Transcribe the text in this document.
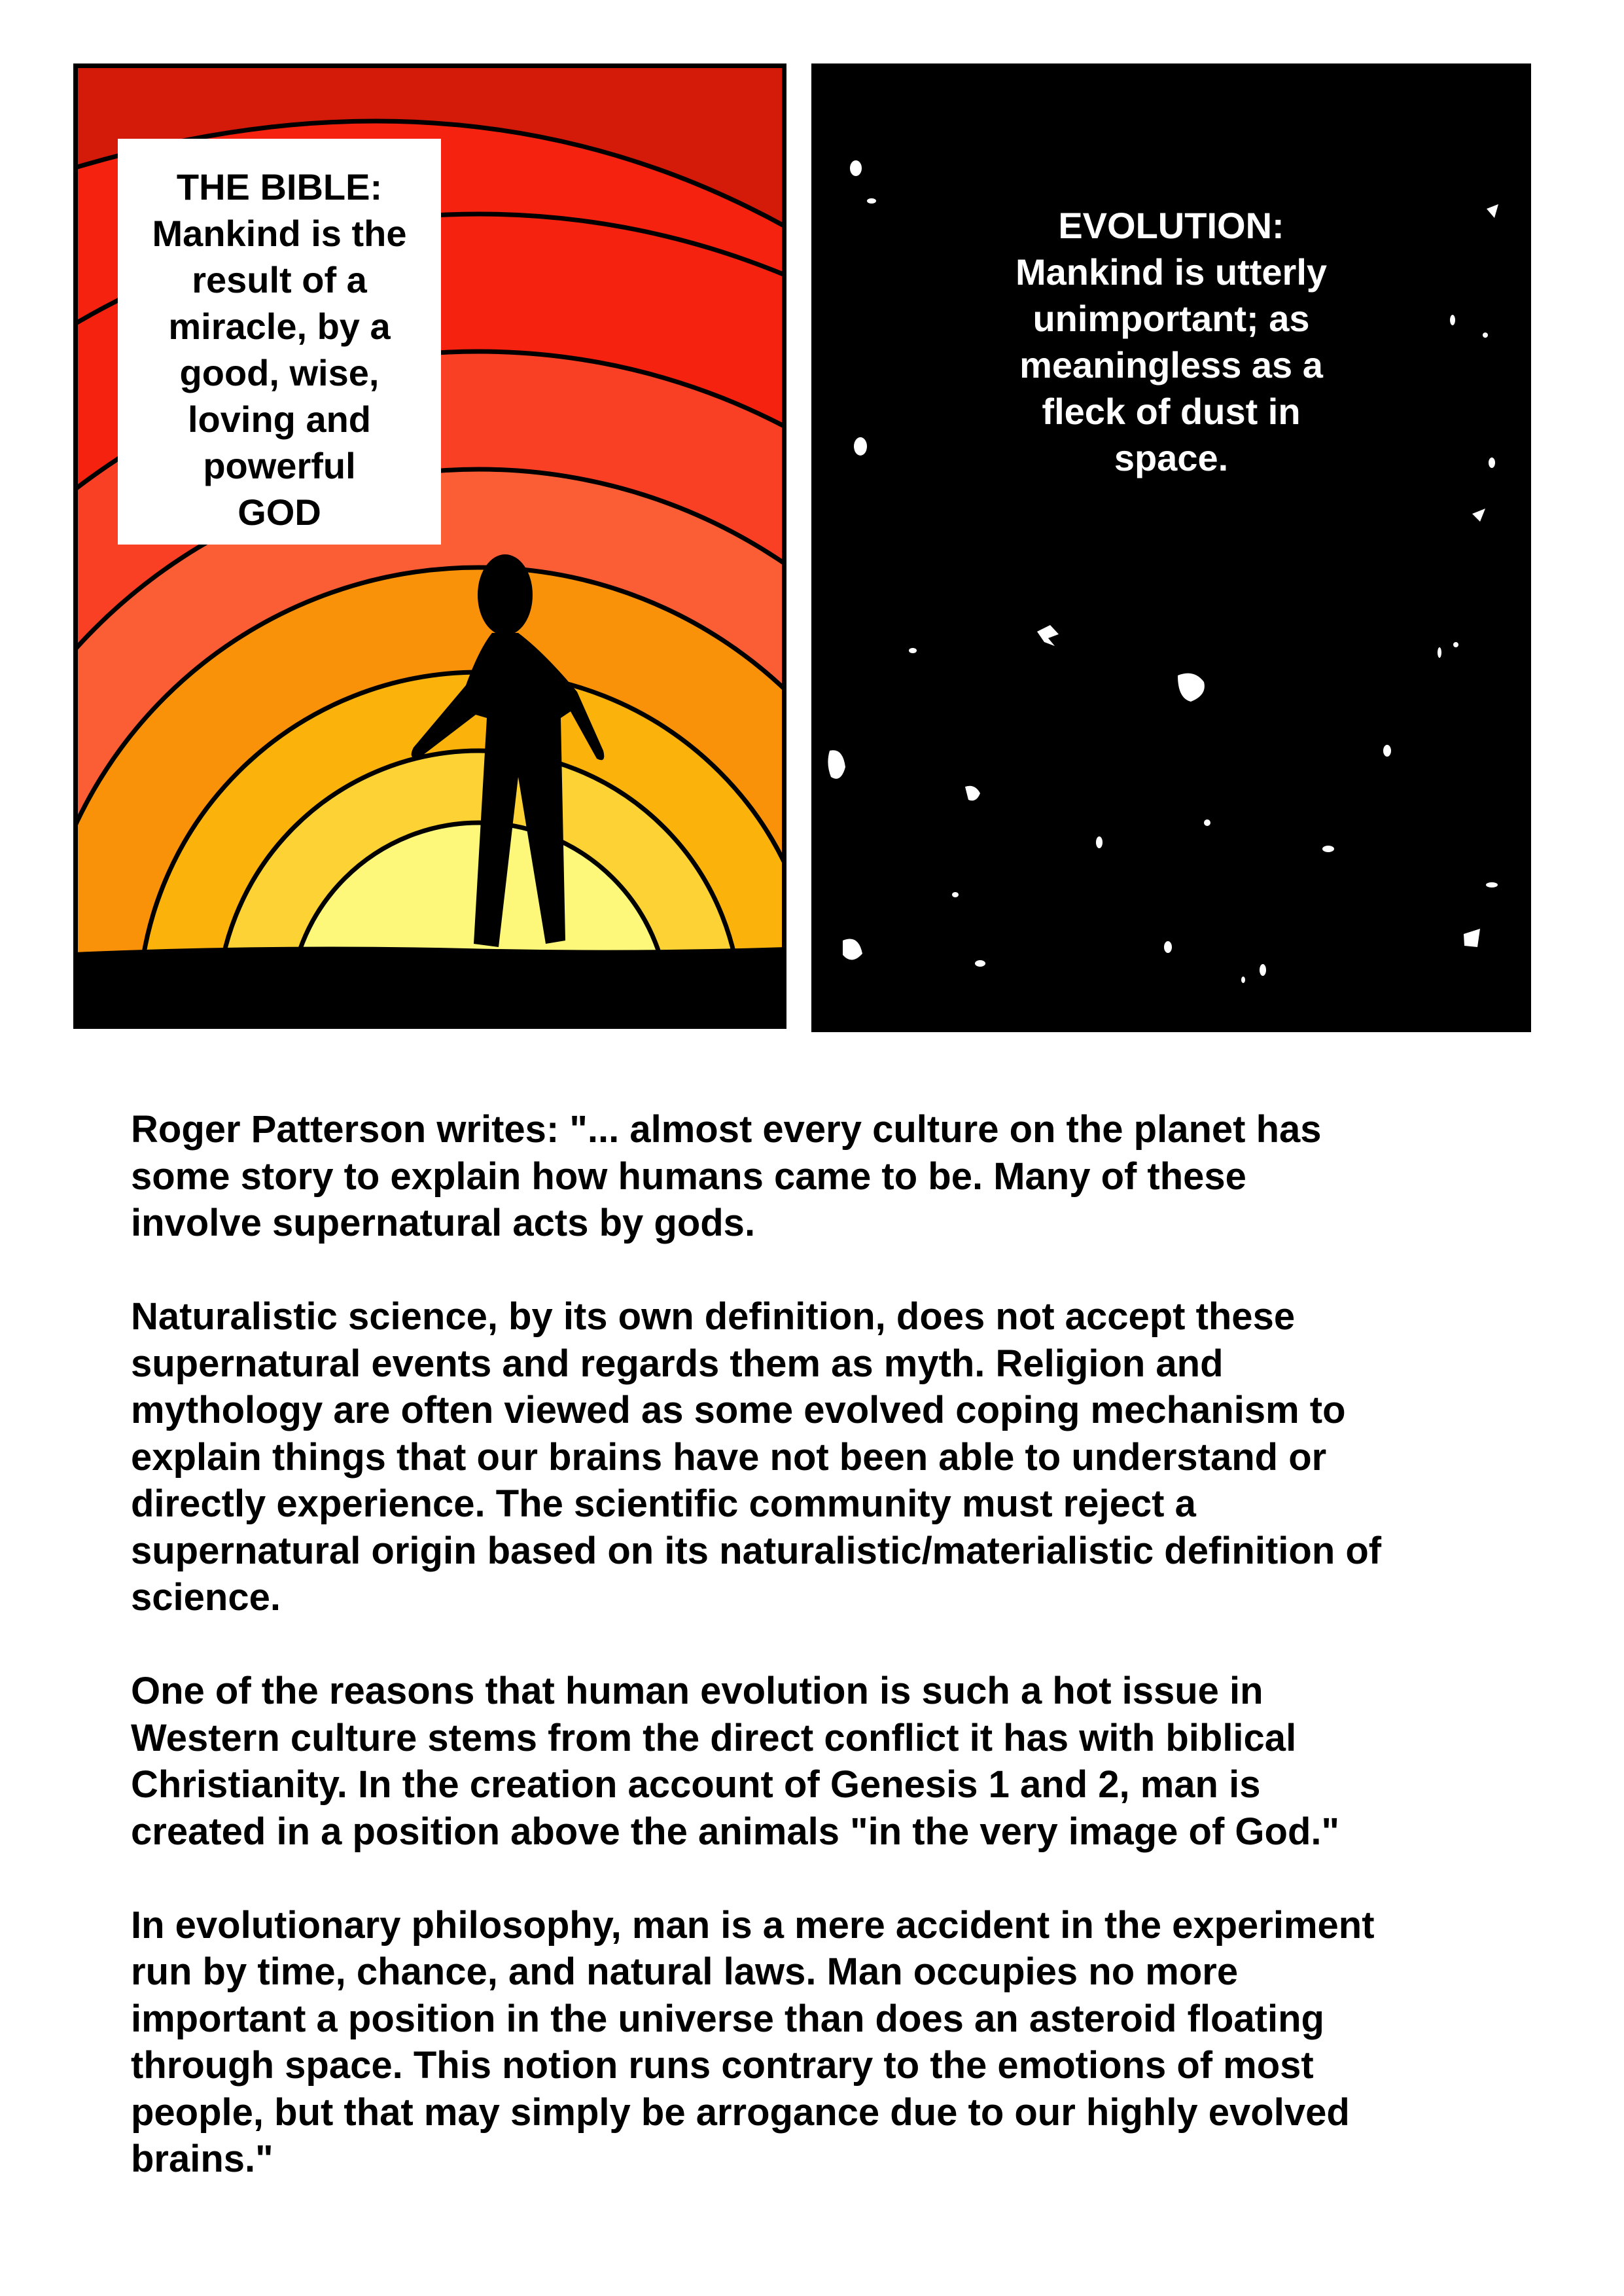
THE BIBLE:
Mankind is the
result of a
miracle, by a
good, wise,
loving and
powerful
GOD
EVOLUTION:
Mankind is utterly
unimportant; as
meaningless as a
fleck of dust in
space.

Roger Patterson writes: "... almost every culture on the planet has
some story to explain how humans came to be. Many of these
involve supernatural acts by gods.

Naturalistic science, by its own definition, does not accept these
supernatural events and regards them as myth. Religion and
mythology are often viewed as some evolved coping mechanism to
explain things that our brains have not been able to understand or
directly experience. The scientific community must reject a
supernatural origin based on its naturalistic/materialistic definition of
science.

One of the reasons that human evolution is such a hot issue in
Western culture stems from the direct conflict it has with biblical
Christianity. In the creation account of Genesis 1 and 2, man is
created in a position above the animals "in the very image of God."

In evolutionary philosophy, man is a mere accident in the experiment
run by time, chance, and natural laws. Man occupies no more
important a position in the universe than does an asteroid floating
through space. This notion runs contrary to the emotions of most
people, but that may simply be arrogance due to our highly evolved
brains."
